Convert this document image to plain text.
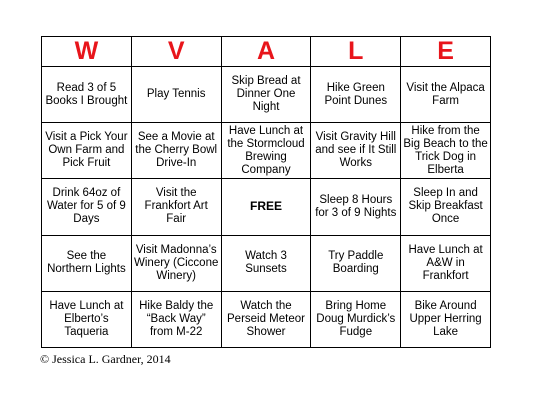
W	V	A	L	E
Read 3 of 5 Books I Brought	Play Tennis	Skip Bread at Dinner One Night	Hike Green Point Dunes	Visit the Alpaca Farm
Visit a Pick Your Own Farm and Pick Fruit	See a Movie at the Cherry Bowl Drive-In	Have Lunch at the Stormcloud Brewing Company	Visit Gravity Hill and see if It Still Works	Hike from the Big Beach to the Trick Dog in Elberta
Drink 64oz of Water for 5 of 9 Days	Visit the Frankfort Art Fair	FREE	Sleep 8 Hours for 3 of 9 Nights	Sleep In and Skip Breakfast Once
See the Northern Lights	Visit Madonna’s Winery (Ciccone Winery)	Watch 3 Sunsets	Try Paddle Boarding	Have Lunch at A&W in Frankfort
Have Lunch at Elberto’s Taqueria	Hike Baldy the “Back Way” from M-22	Watch the Perseid Meteor Shower	Bring Home Doug Murdick’s Fudge	Bike Around Upper Herring Lake
© Jessica L. Gardner, 2014
